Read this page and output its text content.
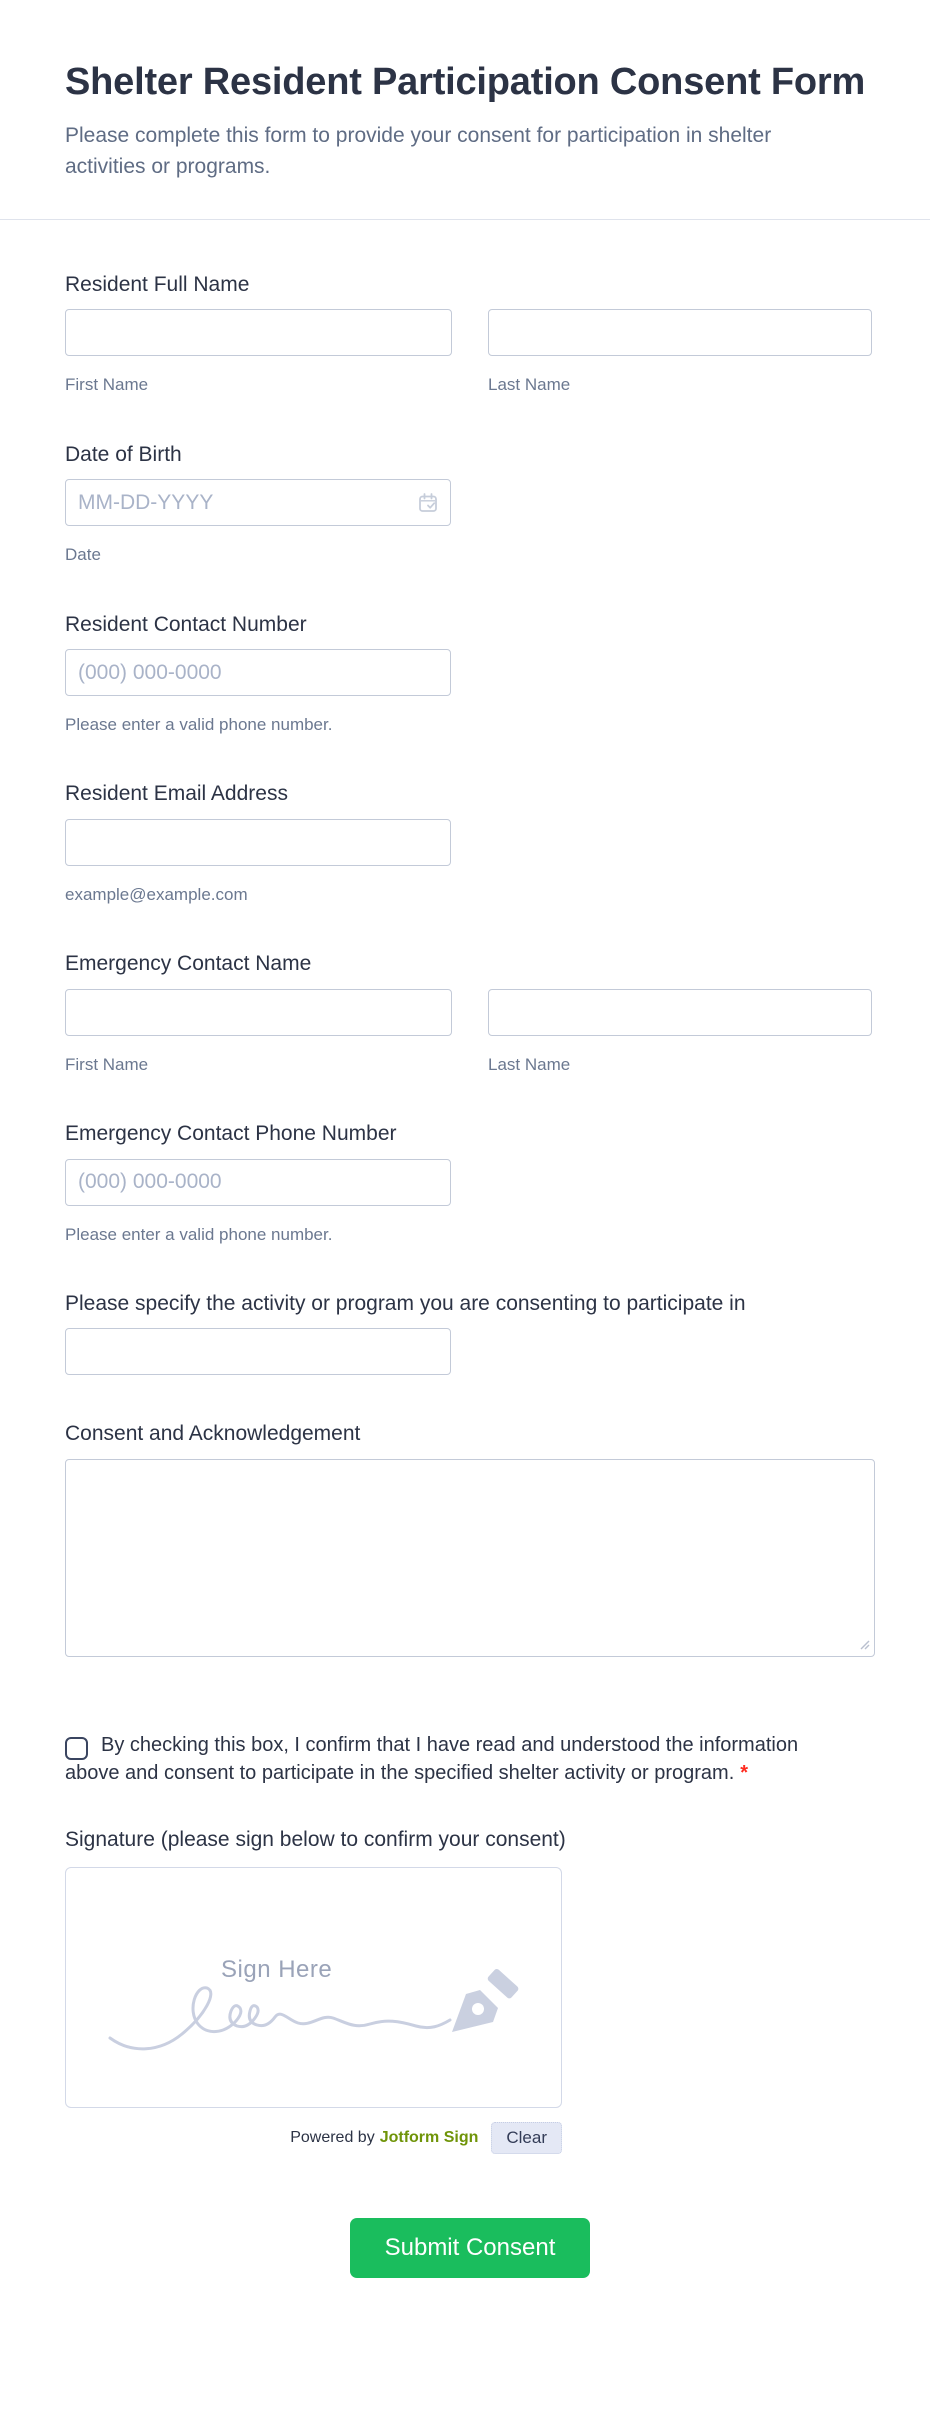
Shelter Resident Participation Consent Form

Please complete this form to provide your consent for participation in shelter activities or programs.

Resident Full Name
First Name	Last Name
Date of Birth
MM-DD-YYYY
Date
Resident Contact Number
(000) 000-0000
Please enter a valid phone number.
Resident Email Address
example@example.com
Emergency Contact Name
First Name	Last Name
Emergency Contact Phone Number
(000) 000-0000
Please enter a valid phone number.
Please specify the activity or program you are consenting to participate in
Consent and Acknowledgement

By checking this box, I confirm that I have read and understood the information above and consent to participate in the specified shelter activity or program. *

Signature (please sign below to confirm your consent)
Sign Here
Powered by Jotform Sign	Clear
Submit Consent
